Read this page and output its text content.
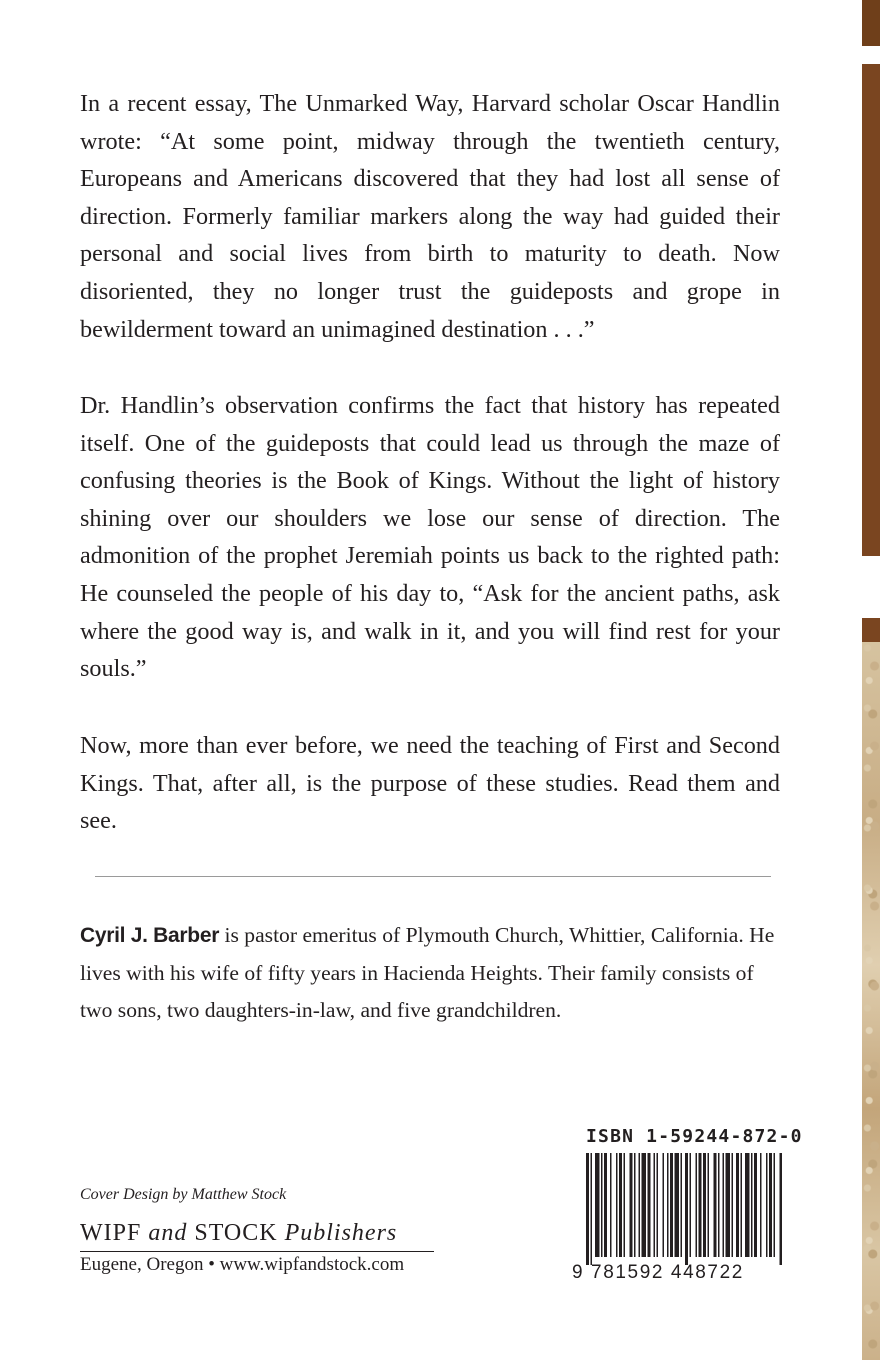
In a recent essay, The Unmarked Way, Harvard scholar Oscar Handlin wrote: “At some point, midway through the twentieth century, Europeans and Americans discovered that they had lost all sense of direction. Formerly familiar markers along the way had guided their personal and social lives from birth to maturity to death. Now disoriented, they no longer trust the guideposts and grope in bewilderment toward an unimagined destination . . .”

Dr. Handlin’s observation confirms the fact that history has repeated itself. One of the guideposts that could lead us through the maze of confusing theories is the Book of Kings. Without the light of history shining over our shoulders we lose our sense of direction. The admonition of the prophet Jeremiah points us back to the righted path: He counseled the people of his day to, “Ask for the ancient paths, ask where the good way is, and walk in it, and you will find rest for your souls.”

Now, more than ever before, we need the teaching of First and Second Kings. That, after all, is the purpose of these studies. Read them and see.

Cyril J. Barber is pastor emeritus of Plymouth Church, Whittier, California. He lives with his wife of fifty years in Hacienda Heights. Their family consists of two sons, two daughters-in-law, and five grandchildren.

Cover Design by Matthew Stock

WIPF and STOCK Publishers

Eugene, Oregon • www.wipfandstock.com

ISBN 1-59244-872-0

9 781592 448722
